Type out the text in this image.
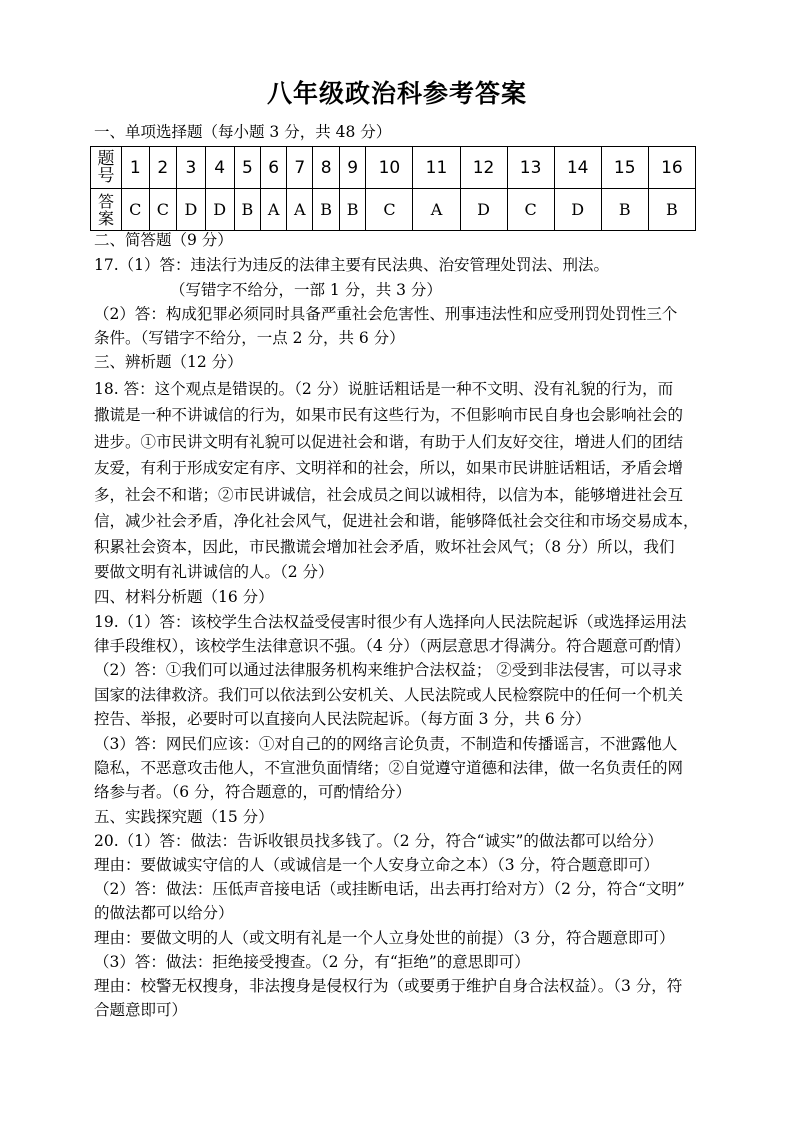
八年级政治科参考答案
一、单项选择题（每小题 3 分，共 48 分）
题号	1	2	3	4	5	6	7	8	9	10	11	12	13	14	15	16
答案	C	C	D	D	B	A	A	B	B	C	A	D	C	D	B	B
二、简答题（9 分）
17.（1）答：违法行为违反的法律主要有民法典、治安管理处罚法、刑法。
（写错字不给分，一部 1 分，共 3 分）
（2）答：构成犯罪必须同时具备严重社会危害性、刑事违法性和应受刑罚处罚性三个
条件。（写错字不给分，一点 2 分，共 6 分）
三、辨析题（12 分）
18. 答：这个观点是错误的。（2 分）说脏话粗话是一种不文明、没有礼貌的行为，而
撒谎是一种不讲诚信的行为，如果市民有这些行为，不但影响市民自身也会影响社会的
进步。①市民讲文明有礼貌可以促进社会和谐，有助于人们友好交往，增进人们的团结
友爱，有利于形成安定有序、文明祥和的社会，所以，如果市民讲脏话粗话，矛盾会增
多，社会不和谐；②市民讲诚信，社会成员之间以诚相待，以信为本，能够增进社会互
信，减少社会矛盾，净化社会风气，促进社会和谐，能够降低社会交往和市场交易成本，
积累社会资本，因此，市民撒谎会增加社会矛盾，败坏社会风气；（8 分）所以，我们
要做文明有礼讲诚信的人。（2 分）
四、材料分析题（16 分）
19.（1）答：该校学生合法权益受侵害时很少有人选择向人民法院起诉（或选择运用法
律手段维权），该校学生法律意识不强。（4 分）（两层意思才得满分。符合题意可酌情）
（2）答：①我们可以通过法律服务机构来维护合法权益； ②受到非法侵害，可以寻求
国家的法律救济。我们可以依法到公安机关、人民法院或人民检察院中的任何一个机关
控告、举报，必要时可以直接向人民法院起诉。（每方面 3 分，共 6 分）
（3）答：网民们应该：①对自己的的网络言论负责，不制造和传播谣言，不泄露他人
隐私，不恶意攻击他人，不宣泄负面情绪；②自觉遵守道德和法律，做一名负责任的网
络参与者。（6 分，符合题意的，可酌情给分）
五、实践探究题（15 分）
20.（1）答：做法：告诉收银员找多钱了。（2 分，符合“诚实”的做法都可以给分）
理由：要做诚实守信的人（或诚信是一个人安身立命之本）（3 分，符合题意即可）
（2）答：做法：压低声音接电话（或挂断电话，出去再打给对方）（2 分，符合“文明”
的做法都可以给分）
理由：要做文明的人（或文明有礼是一个人立身处世的前提）（3 分，符合题意即可）
（3）答：做法：拒绝接受搜查。（2 分，有“拒绝”的意思即可）
理由：校警无权搜身，非法搜身是侵权行为（或要勇于维护自身合法权益）。（3 分，符
合题意即可）
